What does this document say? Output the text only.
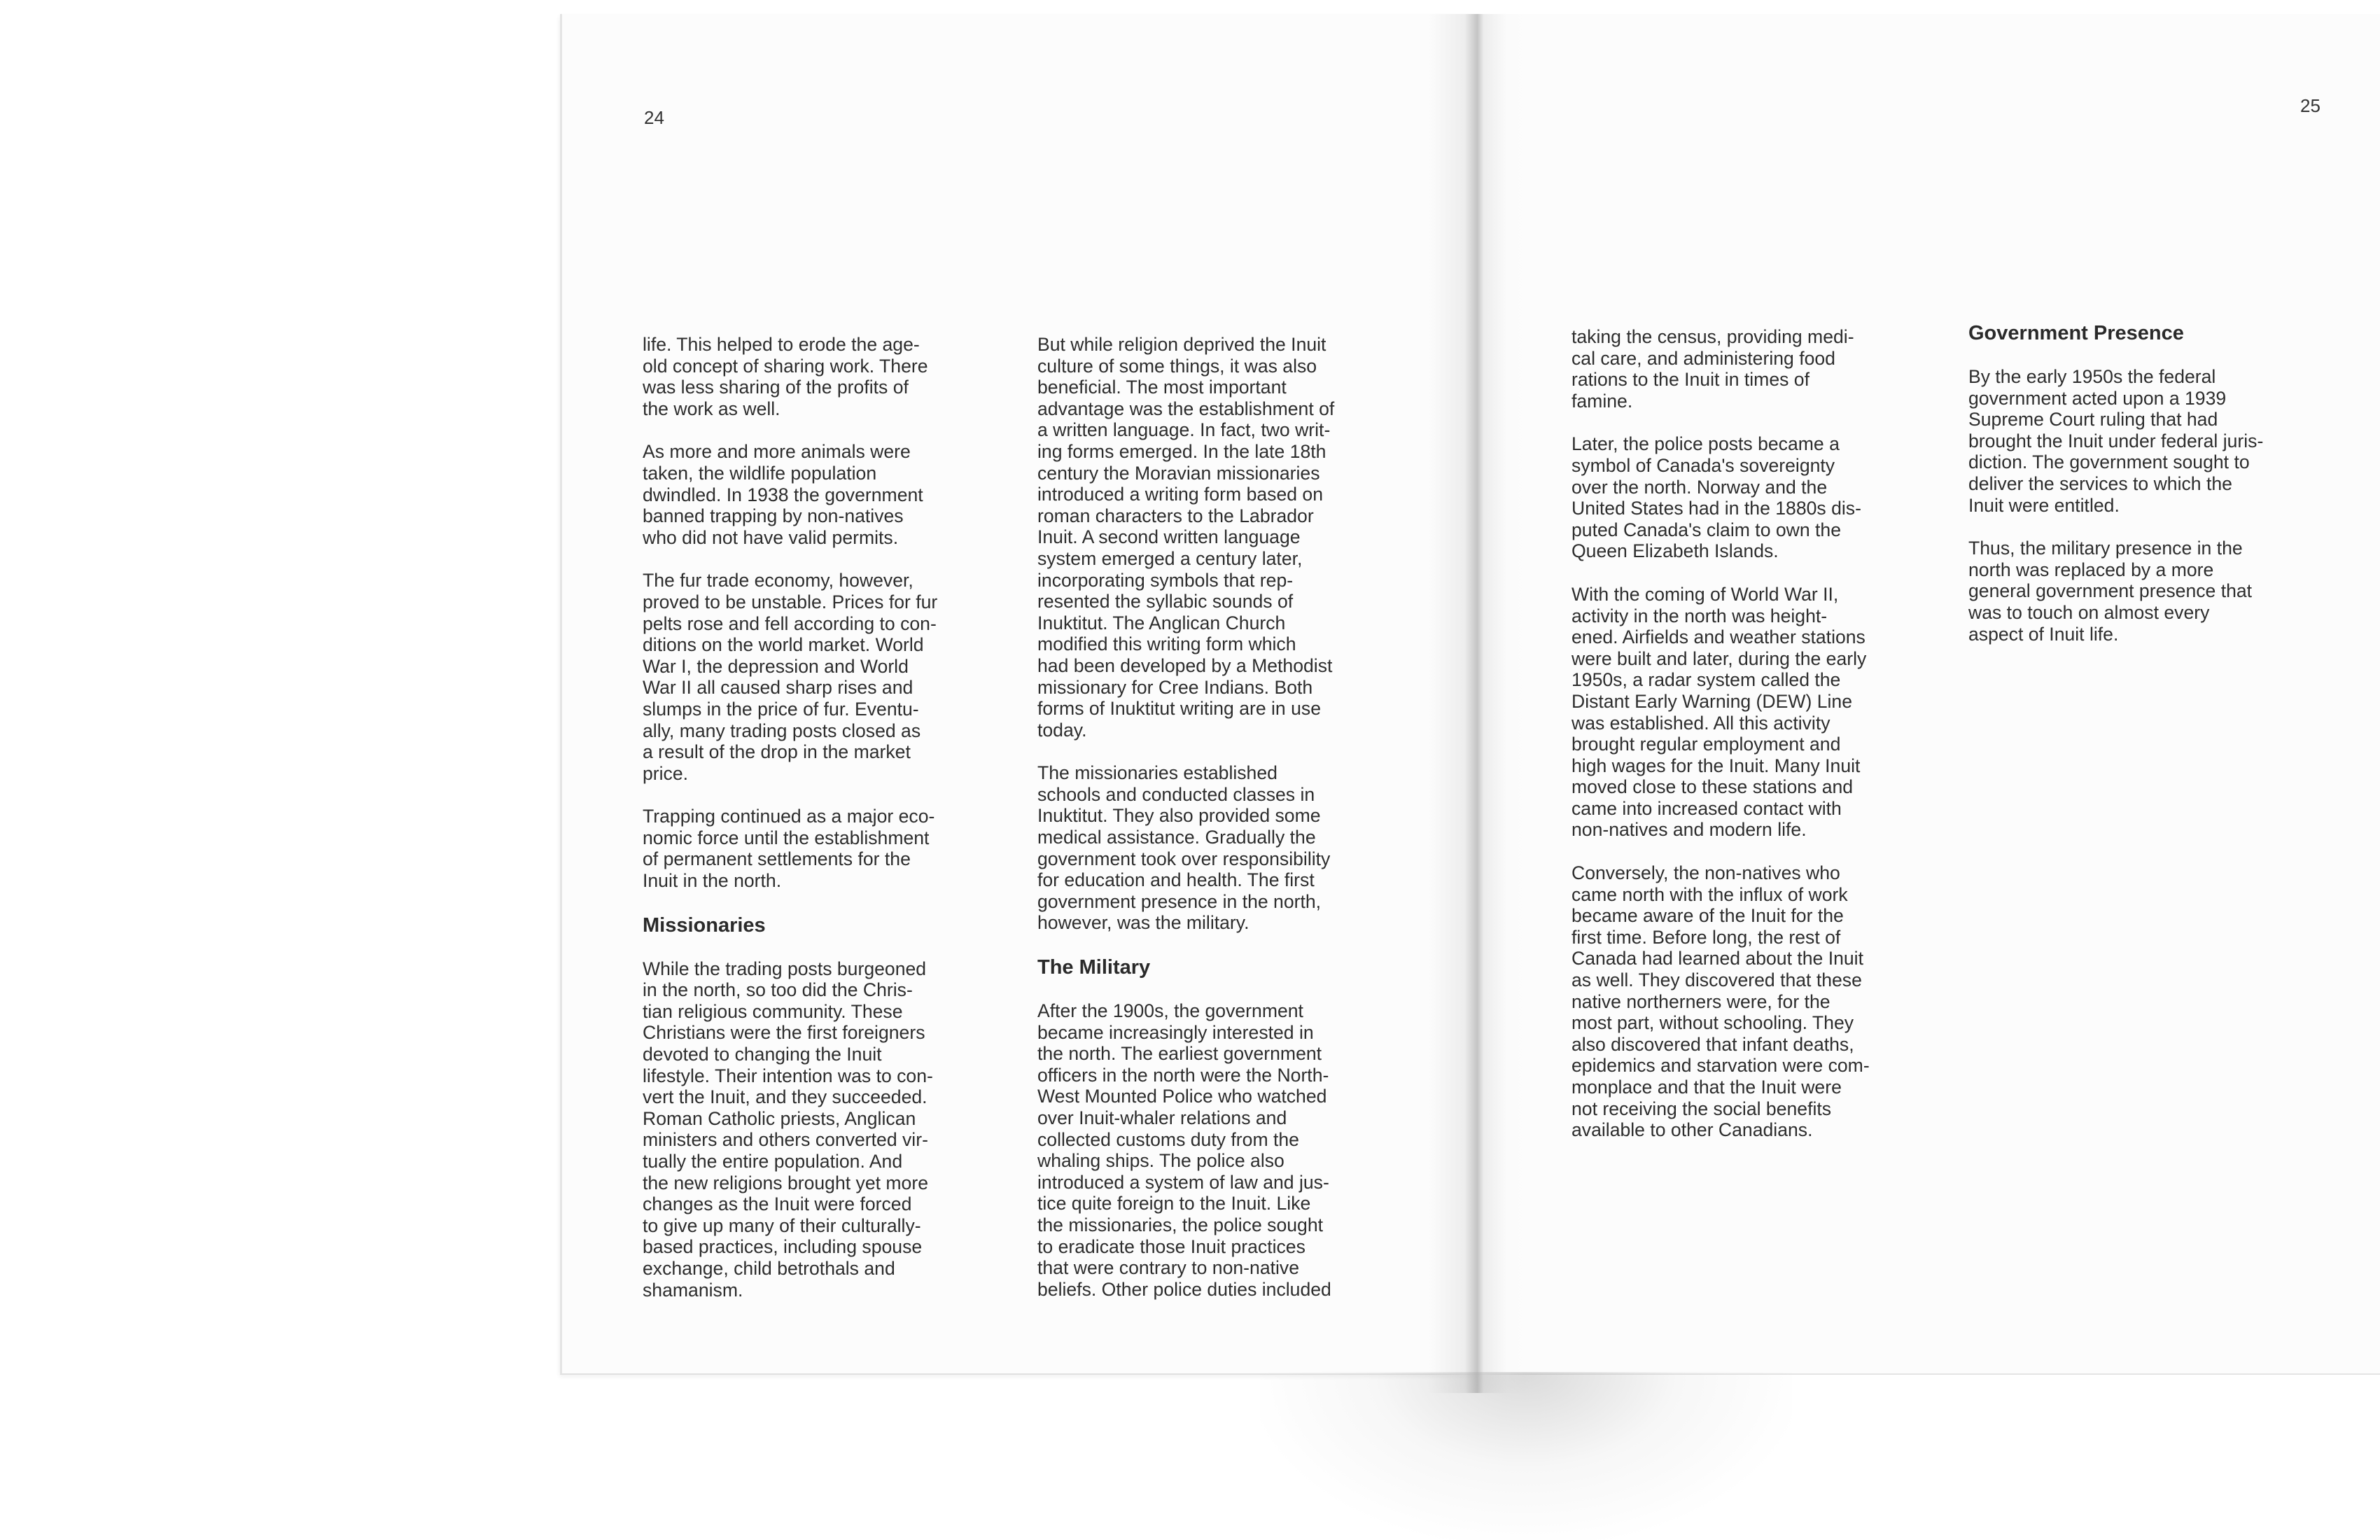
24
25

life. This helped to erode the age-
old concept of sharing work. There
was less sharing of the profits of
the work as well.

As more and more animals were
taken, the wildlife population
dwindled. In 1938 the government
banned trapping by non-natives
who did not have valid permits.

The fur trade economy, however,
proved to be unstable. Prices for fur
pelts rose and fell according to con-
ditions on the world market. World
War I, the depression and World
War II all caused sharp rises and
slumps in the price of fur. Eventu-
ally, many trading posts closed as
a result of the drop in the market
price.

Trapping continued as a major eco-
nomic force until the establishment
of permanent settlements for the
Inuit in the north.

Missionaries

While the trading posts burgeoned
in the north, so too did the Chris-
tian religious community. These
Christians were the first foreigners
devoted to changing the Inuit
lifestyle. Their intention was to con-
vert the Inuit, and they succeeded.
Roman Catholic priests, Anglican
ministers and others converted vir-
tually the entire population. And
the new religions brought yet more
changes as the Inuit were forced
to give up many of their culturally-
based practices, including spouse
exchange, child betrothals and
shamanism.

But while religion deprived the Inuit
culture of some things, it was also
beneficial. The most important
advantage was the establishment of
a written language. In fact, two writ-
ing forms emerged. In the late 18th
century the Moravian missionaries
introduced a writing form based on
roman characters to the Labrador
Inuit. A second written language
system emerged a century later,
incorporating symbols that rep-
resented the syllabic sounds of
Inuktitut. The Anglican Church
modified this writing form which
had been developed by a Methodist
missionary for Cree Indians. Both
forms of Inuktitut writing are in use
today.

The missionaries established
schools and conducted classes in
Inuktitut. They also provided some
medical assistance. Gradually the
government took over responsibility
for education and health. The first
government presence in the north,
however, was the military.

The Military

After the 1900s, the government
became increasingly interested in
the north. The earliest government
officers in the north were the North-
West Mounted Police who watched
over Inuit-whaler relations and
collected customs duty from the
whaling ships. The police also
introduced a system of law and jus-
tice quite foreign to the Inuit. Like
the missionaries, the police sought
to eradicate those Inuit practices
that were contrary to non-native
beliefs. Other police duties included

taking the census, providing medi-
cal care, and administering food
rations to the Inuit in times of
famine.

Later, the police posts became a
symbol of Canada's sovereignty
over the north. Norway and the
United States had in the 1880s dis-
puted Canada's claim to own the
Queen Elizabeth Islands.

With the coming of World War II,
activity in the north was height-
ened. Airfields and weather stations
were built and later, during the early
1950s, a radar system called the
Distant Early Warning (DEW) Line
was established. All this activity
brought regular employment and
high wages for the Inuit. Many Inuit
moved close to these stations and
came into increased contact with
non-natives and modern life.

Conversely, the non-natives who
came north with the influx of work
became aware of the Inuit for the
first time. Before long, the rest of
Canada had learned about the Inuit
as well. They discovered that these
native northerners were, for the
most part, without schooling. They
also discovered that infant deaths,
epidemics and starvation were com-
monplace and that the Inuit were
not receiving the social benefits
available to other Canadians.

Government Presence

By the early 1950s the federal
government acted upon a 1939
Supreme Court ruling that had
brought the Inuit under federal juris-
diction. The government sought to
deliver the services to which the
Inuit were entitled.

Thus, the military presence in the
north was replaced by a more
general government presence that
was to touch on almost every
aspect of Inuit life.
